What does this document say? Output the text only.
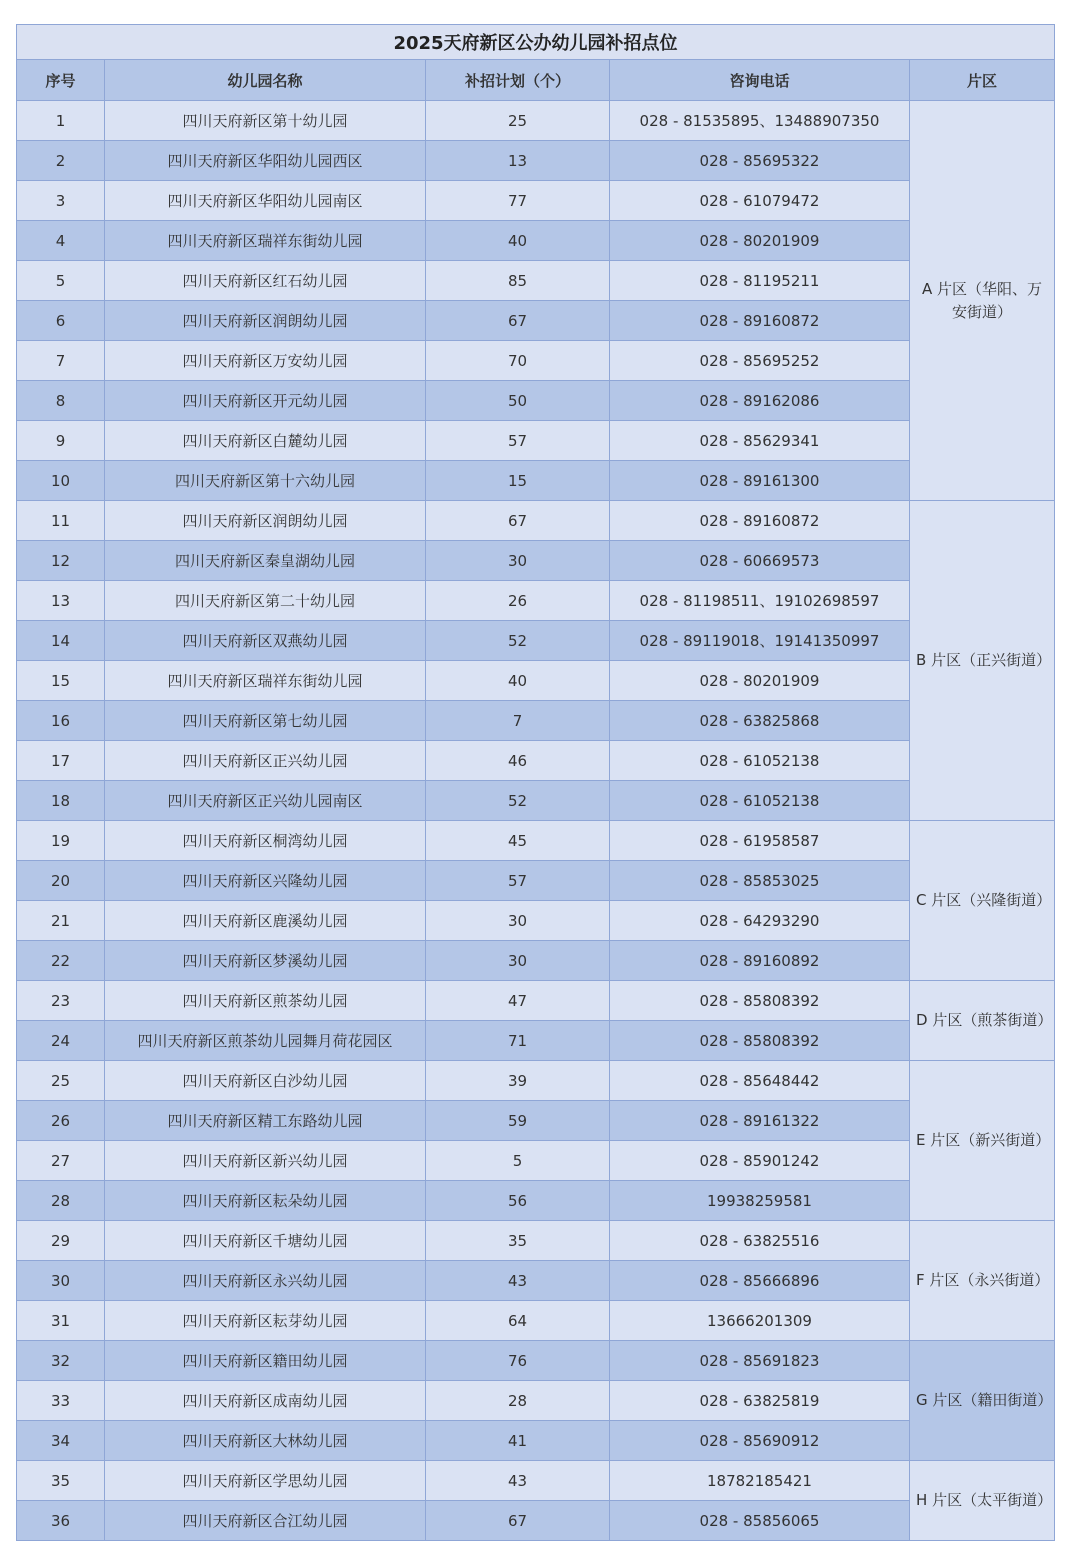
2025天府新区公办幼儿园补招点位				
序号	幼儿园名称	补招计划（个）	咨询电话	片区
1	四川天府新区第十幼儿园	25	028 - 81535895、13488907350	A 片区（华阳、万安街道）
2	四川天府新区华阳幼儿园西区	13	028 - 85695322	
3	四川天府新区华阳幼儿园南区	77	028 - 61079472	
4	四川天府新区瑞祥东街幼儿园	40	028 - 80201909	
5	四川天府新区红石幼儿园	85	028 - 81195211	
6	四川天府新区润朗幼儿园	67	028 - 89160872	
7	四川天府新区万安幼儿园	70	028 - 85695252	
8	四川天府新区开元幼儿园	50	028 - 89162086	
9	四川天府新区白麓幼儿园	57	028 - 85629341	
10	四川天府新区第十六幼儿园	15	028 - 89161300	
11	四川天府新区润朗幼儿园	67	028 - 89160872	B 片区（正兴街道）
12	四川天府新区秦皇湖幼儿园	30	028 - 60669573	
13	四川天府新区第二十幼儿园	26	028 - 81198511、19102698597	
14	四川天府新区双燕幼儿园	52	028 - 89119018、19141350997	
15	四川天府新区瑞祥东街幼儿园	40	028 - 80201909	
16	四川天府新区第七幼儿园	7	028 - 63825868	
17	四川天府新区正兴幼儿园	46	028 - 61052138	
18	四川天府新区正兴幼儿园南区	52	028 - 61052138	
19	四川天府新区桐湾幼儿园	45	028 - 61958587	C 片区（兴隆街道）
20	四川天府新区兴隆幼儿园	57	028 - 85853025	
21	四川天府新区鹿溪幼儿园	30	028 - 64293290	
22	四川天府新区梦溪幼儿园	30	028 - 89160892	
23	四川天府新区煎茶幼儿园	47	028 - 85808392	D 片区（煎茶街道）
24	四川天府新区煎茶幼儿园舞月荷花园区	71	028 - 85808392	
25	四川天府新区白沙幼儿园	39	028 - 85648442	E 片区（新兴街道）
26	四川天府新区精工东路幼儿园	59	028 - 89161322	
27	四川天府新区新兴幼儿园	5	028 - 85901242	
28	四川天府新区耘朵幼儿园	56	19938259581	
29	四川天府新区千塘幼儿园	35	028 - 63825516	F 片区（永兴街道）
30	四川天府新区永兴幼儿园	43	028 - 85666896	
31	四川天府新区耘芽幼儿园	64	13666201309	
32	四川天府新区籍田幼儿园	76	028 - 85691823	G 片区（籍田街道）
33	四川天府新区成南幼儿园	28	028 - 63825819	
34	四川天府新区大林幼儿园	41	028 - 85690912	
35	四川天府新区学思幼儿园	43	18782185421	H 片区（太平街道）
36	四川天府新区合江幼儿园	67	028 - 85856065	
